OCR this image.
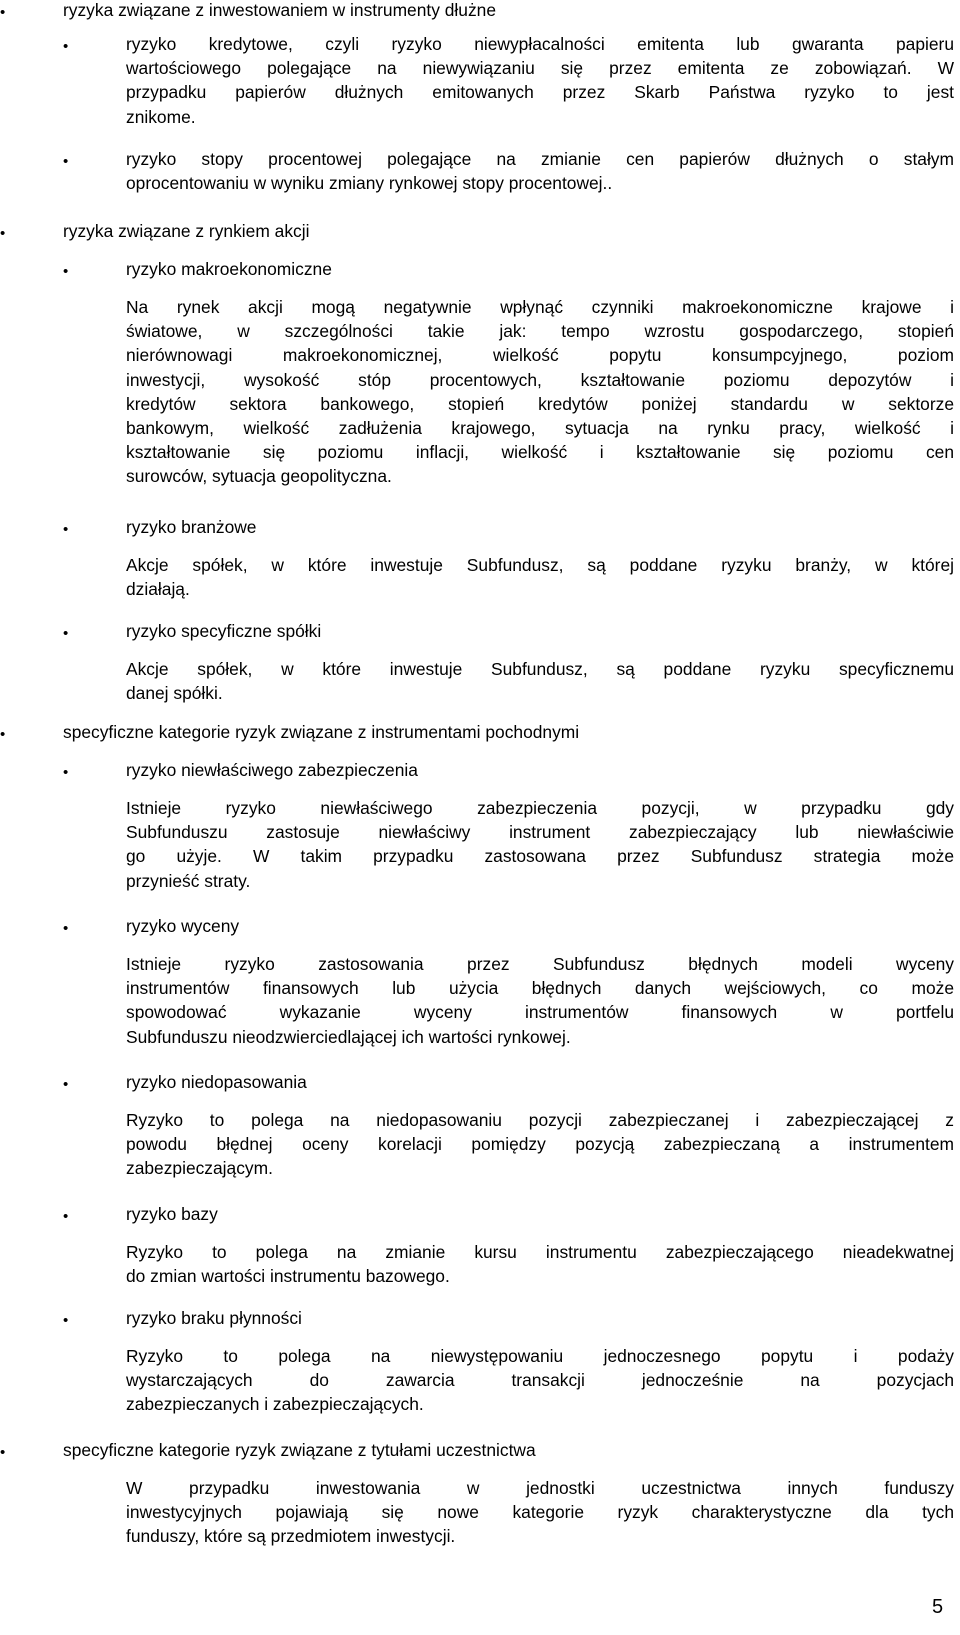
•	ryzyka związane z inwestowaniem w instrumenty dłużne
•	ryzyko kredytowe, czyli ryzyko niewypłacalności emitenta lub gwaranta papieru
wartościowego polegające na niewywiązaniu się przez emitenta ze zobowiązań. W
przypadku papierów dłużnych emitowanych przez Skarb Państwa ryzyko to jest
znikome.
•	ryzyko stopy procentowej polegające na zmianie cen papierów dłużnych o stałym
oprocentowaniu w wyniku zmiany rynkowej stopy procentowej..
•	ryzyka związane z rynkiem akcji
•	ryzyko makroekonomiczne
Na rynek akcji mogą negatywnie wpłynąć czynniki makroekonomiczne krajowe i
światowe, w szczególności takie jak: tempo wzrostu gospodarczego, stopień
nierównowagi makroekonomicznej, wielkość popytu konsumpcyjnego, poziom
inwestycji, wysokość stóp procentowych, kształtowanie poziomu depozytów i
kredytów sektora bankowego, stopień kredytów poniżej standardu w sektorze
bankowym, wielkość zadłużenia krajowego, sytuacja na rynku pracy, wielkość i
kształtowanie się poziomu inflacji, wielkość i kształtowanie się poziomu cen
surowców, sytuacja geopolityczna.
•	ryzyko branżowe
Akcje spółek, w które inwestuje Subfundusz, są poddane ryzyku branży, w której
działają.
•	ryzyko specyficzne spółki
Akcje spółek, w które inwestuje Subfundusz, są poddane ryzyku specyficznemu
danej spółki.
•	specyficzne kategorie ryzyk związane z instrumentami pochodnymi
•	ryzyko niewłaściwego zabezpieczenia
Istnieje ryzyko niewłaściwego zabezpieczenia pozycji, w przypadku gdy
Subfunduszu zastosuje niewłaściwy instrument zabezpieczający lub niewłaściwie
go użyje. W takim przypadku zastosowana przez Subfundusz strategia może
przynieść straty.
•	ryzyko wyceny
Istnieje ryzyko zastosowania przez Subfundusz błędnych modeli wyceny
instrumentów finansowych lub użycia błędnych danych wejściowych, co może
spowodować wykazanie wyceny instrumentów finansowych w portfelu
Subfunduszu nieodzwierciedlającej ich wartości rynkowej.
•	ryzyko niedopasowania
Ryzyko to polega na niedopasowaniu pozycji zabezpieczanej i zabezpieczającej z
powodu błędnej oceny korelacji pomiędzy pozycją zabezpieczaną a instrumentem
zabezpieczającym.
•	ryzyko bazy
Ryzyko to polega na zmianie kursu instrumentu zabezpieczającego nieadekwatnej
do zmian wartości instrumentu bazowego.
•	ryzyko braku płynności
Ryzyko to polega na niewystępowaniu jednoczesnego popytu i podaży
wystarczających do zawarcia transakcji jednocześnie na pozycjach
zabezpieczanych i zabezpieczających.
•	specyficzne kategorie ryzyk związane z tytułami uczestnictwa
W przypadku inwestowania w jednostki uczestnictwa innych funduszy
inwestycyjnych pojawiają się nowe kategorie ryzyk charakterystyczne dla tych
funduszy, które są przedmiotem inwestycji.
5
